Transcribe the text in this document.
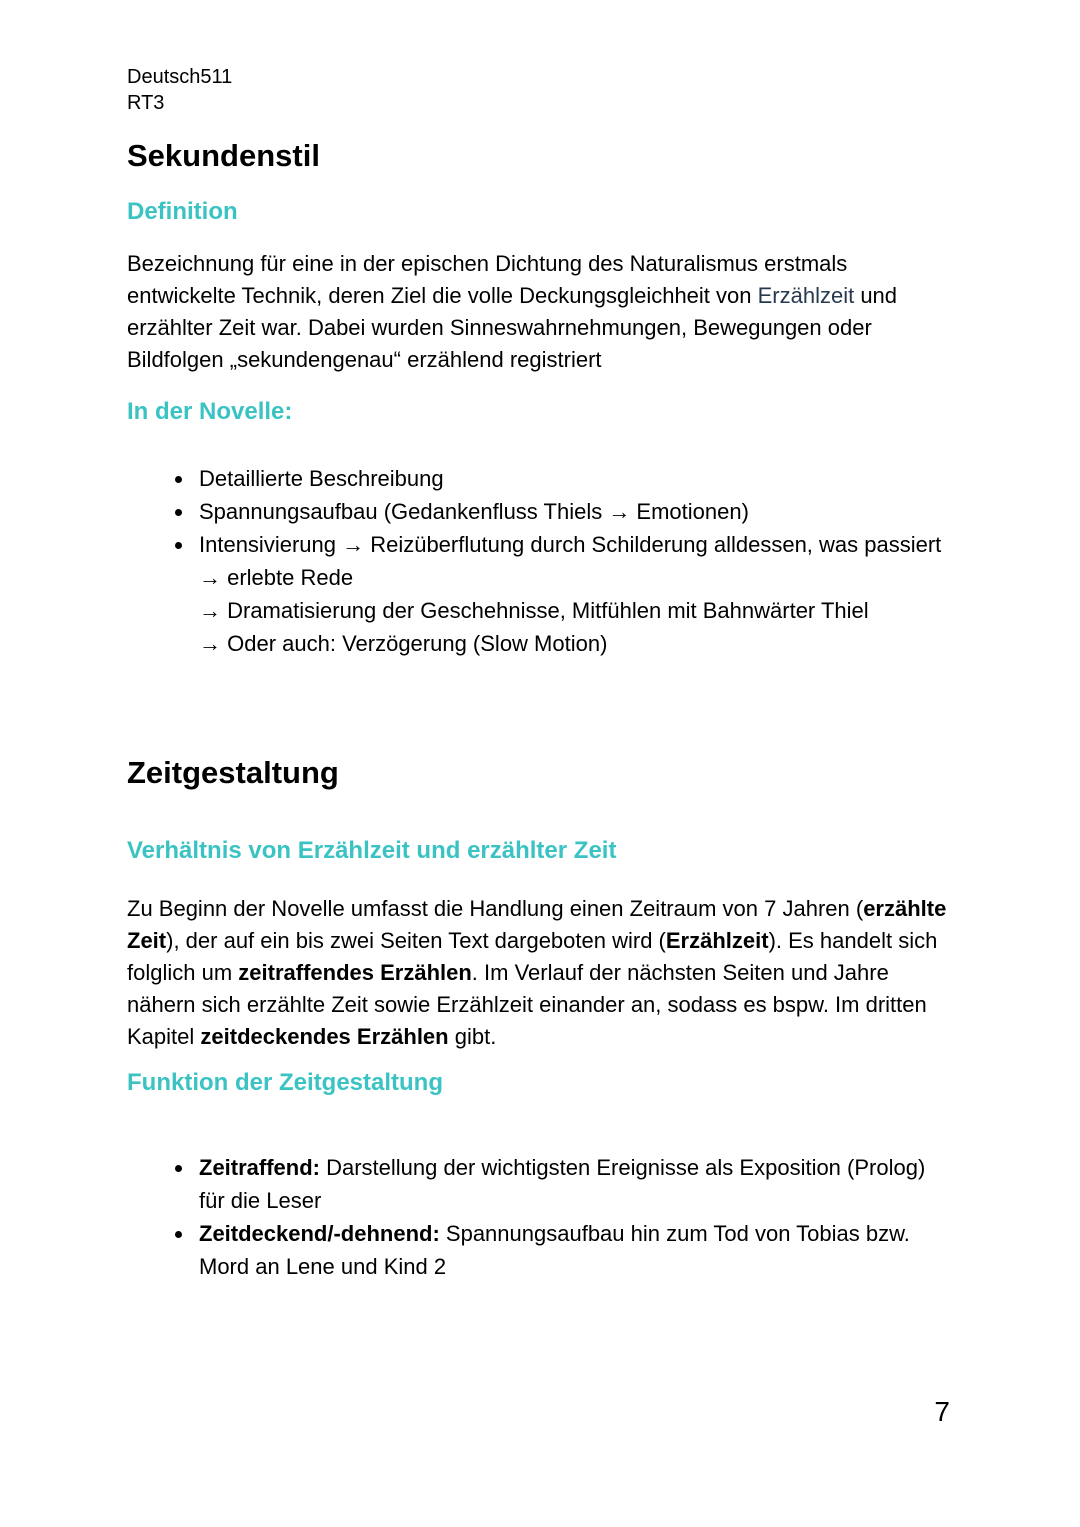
Deutsch511
RT3
Sekundenstil
Definition

Bezeichnung für eine in der epischen Dichtung des Naturalismus erstmals entwickelte Technik, deren Ziel die volle Deckungsgleichheit von Erzählzeit und erzählter Zeit war. Dabei wurden Sinneswahrnehmungen, Bewegungen oder Bildfolgen „sekundengenau“ erzählend registriert

In der Novelle:
• Detaillierte Beschreibung
• Spannungsaufbau (Gedankenfluss Thiels → Emotionen)
• Intensivierung → Reizüberflutung durch Schilderung alldessen, was passiert → erlebte Rede
→ Dramatisierung der Geschehnisse, Mitfühlen mit Bahnwärter Thiel
→ Oder auch: Verzögerung (Slow Motion)
Zeitgestaltung
Verhältnis von Erzählzeit und erzählter Zeit

Zu Beginn der Novelle umfasst die Handlung einen Zeitraum von 7 Jahren (erzählte Zeit), der auf ein bis zwei Seiten Text dargeboten wird (Erzählzeit). Es handelt sich folglich um zeitraffendes Erzählen. Im Verlauf der nächsten Seiten und Jahre nähern sich erzählte Zeit sowie Erzählzeit einander an, sodass es bspw. Im dritten Kapitel zeitdeckendes Erzählen gibt.

Funktion der Zeitgestaltung
• Zeitraffend: Darstellung der wichtigsten Ereignisse als Exposition (Prolog) für die Leser
• Zeitdeckend/-dehnend: Spannungsaufbau hin zum Tod von Tobias bzw. Mord an Lene und Kind 2
7
